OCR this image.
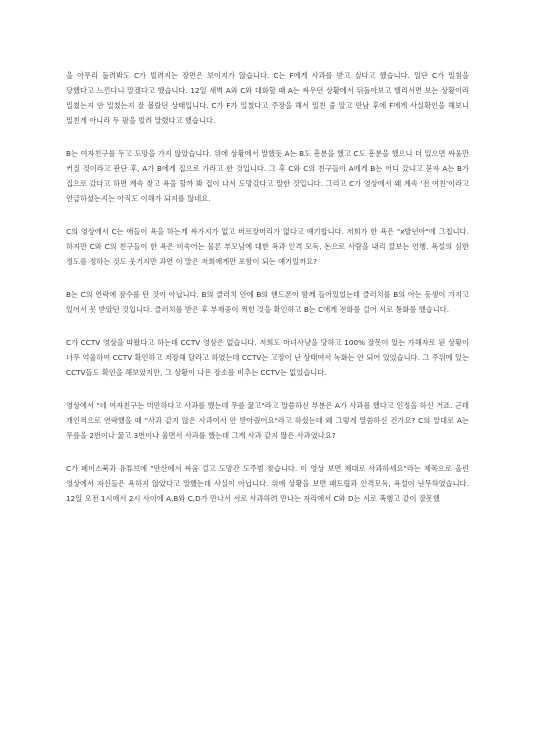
을 아무리 돌려봐도 C가 빌려지는 장면은 보이지가 않습니다. C는 F에게 사과를 받고 싶다고 했습니다. 일단 C가 밀침을 당했다고 느낀다니 말겠다고 했습니다. 12일 새벽 A와 C와 대화할 때 A는 싸우던 상황에서 뒤돌아보고 밸리서면 보는 상황이라 밀쳤는지 안 밀쳤는지 잘 볼랐던 상태입니다. C가 F가 밀쳤다고 주장을 해서 밀친 줄 알고 만남 후에 F에게 사실확인을 해보니 밀친게 아니라 두 팔을 벌려 말렸다고 했습니다.

B는 여자친구를 두고 도망을 가지 않았습니다. 위에 상황에서 말했듯 A는 B도 흥분을 했고 C도 흥분을 했으니 더 있으면 싸움만 커질 것이라고 판단 후, A가 B에게 집으로 가라고 한 것입니다. 그 후 C와 C의 친구들이 A에게 B는 어디 갔냐고 묻자 A는 B가 집으로 갔다고 하면 계속 찾고 욕을 할까 봐 겁이 나서 도망갔다고 말한 것입니다. 그리고 C가 영상에서 왜 계속 '전 여친'이라고 언급하셨는지는 아직도 이해가 되지를 않네요.

C의 영상에서 C는 애들이 욕을 하는게 싸가지가 없고 버르장머리가 없다고 얘기합니다. 저희가 한 욕은 "x발년아"에 그칩니다. 하지만 C와 C의 친구들이 한 욕은 비속어는 물론 부모님에 대한 욕과 인격 모독, 돈으로 사람을 내리 깔보는 언행. 욕설의 심한 정도를 정하는 것도 웃기지만 과연 이 말은 저희에게만 포함이 되는 얘기일까요?

B는 C의 연락에 잠수를 탄 것이 아닙니다. B의 클러치 안에 B의 핸드폰이 함께 들어있었는데 클러치를 B의 아는 동생이 가지고 있어서 못 받았던 것입니다. 클러치를 받은 후 부재중이 찍힌 것을 확인하고 B는 C에게 전화를 걸어 서로 통화를 했습니다.

C가 CCTV 영상을 따왔다고 하는데 CCTV 영상은 없습니다. 저희도 마녀사냥을 당하고 100% 잘못이 있는 가해자로 된 상황이 너무 억울하여 CCTV 확인하고 저장해 달라고 하였는데 CCTV는 고장이 난 상태여서 녹화는 안 되어 있었습니다. 그 주위에 있는 CCTV들도 확인을 해보았지만, 그 상황이 나온 장소를 비추는 CCTV는 없었습니다.

영상에서 "네 여자친구는 미안하다고 사과를 했는데 무릎 꿇고"라고 말씀하신 부분은 A가 사과를 했다고 인정을 하신 거죠. 근데 개인적으로 연락했을 때 "사과 같지 않은 사과여서 안 받아줬어요"라고 하셨는데 왜 그렇게 말씀하신 건가요? C의 말대로 A는 무릎을 2번이나 꿇고 3번이나 울면서 사과를 했는데 그게 사과 같지 않은 사과였나요?

C가 페이스북과 유튜브에 "안산에서 싸움 걸고 도망간 도주범 찾습니다. 이 영상 보면 제대로 사과하세요"라는 제목으로 올린 영상에서 자신들은 욕하지 않았다고 말했는데 사실이 아닙니다. 위에 상황을 보면 패드립과 인격모독, 욕설이 난무하였습니다. 12일 오전 1시에서 2시 사이에 A,B와 C,D가 만나서 서로 사과하려 만나는 자리에서 C와 D는 서로 폭행고 같이 잘못했
